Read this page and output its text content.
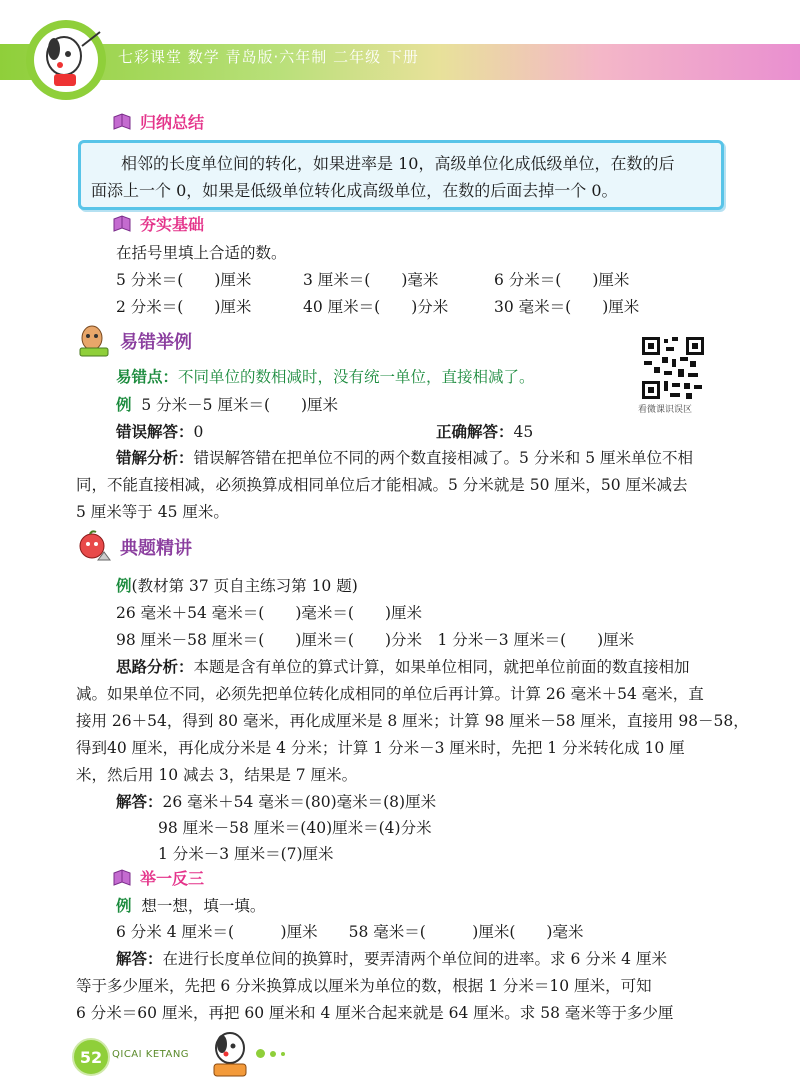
七彩课堂 数学 青岛版·六年制 二年级 下册
归纳总结
相邻的长度单位间的转化，如果进率是 10，高级单位化成低级单位，在数的后
面添上一个 0，如果是低级单位转化成高级单位，在数的后面去掉一个 0。
夯实基础
在括号里填上合适的数。
5 分米＝(　　)厘米	3 厘米＝(　　)毫米	6 分米＝(　　)厘米
2 分米＝(　　)厘米	40 厘米＝(　　)分米	30 毫米＝(　　)厘米
易错举例
易错点：不同单位的数相减时，没有统一单位，直接相减了。
例 5 分米－5 厘米＝(　　)厘米
错误解答：0	正确解答：45
错解分析：错误解答错在把单位不同的两个数直接相减了。5 分米和 5 厘米单位不相
同，不能直接相减，必须换算成相同单位后才能相减。5 分米就是 50 厘米，50 厘米减去
5 厘米等于 45 厘米。
看微课识误区
典题精讲
例(教材第 37 页自主练习第 10 题)
26 毫米＋54 毫米＝(　　)毫米＝(　　)厘米
98 厘米－58 厘米＝(　　)厘米＝(　　)分米　1 分米－3 厘米＝(　　)厘米
思路分析：本题是含有单位的算式计算，如果单位相同，就把单位前面的数直接相加
减。如果单位不同，必须先把单位转化成相同的单位后再计算。计算 26 毫米＋54 毫米，直
接用 26＋54，得到 80 毫米，再化成厘米是 8 厘米；计算 98 厘米－58 厘米，直接用 98－58，
得到40 厘米，再化成分米是 4 分米；计算 1 分米－3 厘米时，先把 1 分米转化成 10 厘
米，然后用 10 减去 3，结果是 7 厘米。
解答：26 毫米＋54 毫米＝(80)毫米＝(8)厘米
98 厘米－58 厘米＝(40)厘米＝(4)分米
1 分米－3 厘米＝(7)厘米
举一反三
例 想一想，填一填。
6 分米 4 厘米＝(　　　)厘米　　58 毫米＝(　　　)厘米(　　)毫米
解答：在进行长度单位间的换算时，要弄清两个单位间的进率。求 6 分米 4 厘米
等于多少厘米，先把 6 分米换算成以厘米为单位的数，根据 1 分米＝10 厘米，可知
6 分米＝60 厘米，再把 60 厘米和 4 厘米合起来就是 64 厘米。求 58 毫米等于多少厘
52 QICAI KETANG
